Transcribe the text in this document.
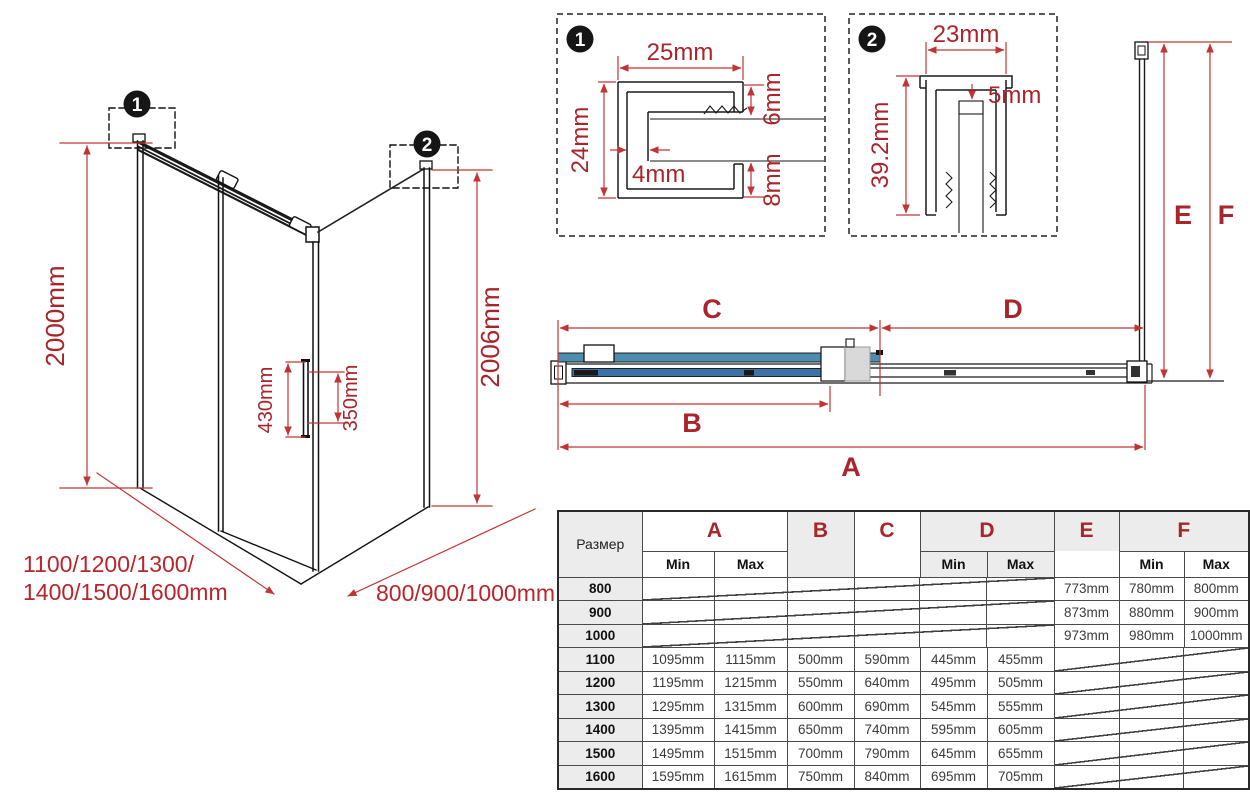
1
2
2000mm	2006mm
430mm	350mm
1100/1200/1300/
1400/1500/1600mm	800/900/1000mm
1	25mm
24mm
4mm
6mm
8mm
2 23mm
39.2mm
5mm
C	D
B
A
E F
Размер	A		B	C	D		E	F	
	Min	Max			Min	Max		Min	Max
800							773mm	780mm	800mm
900							873mm	880mm	900mm
1000							973mm	980mm	1000mm
1100	1095mm	1115mm	500mm	590mm	445mm	455mm			
1200	1195mm	1215mm	550mm	640mm	495mm	505mm			
1300	1295mm	1315mm	600mm	690mm	545mm	555mm			
1400	1395mm	1415mm	650mm	740mm	595mm	605mm			
1500	1495mm	1515mm	700mm	790mm	645mm	655mm			
1600	1595mm	1615mm	750mm	840mm	695mm	705mm			
